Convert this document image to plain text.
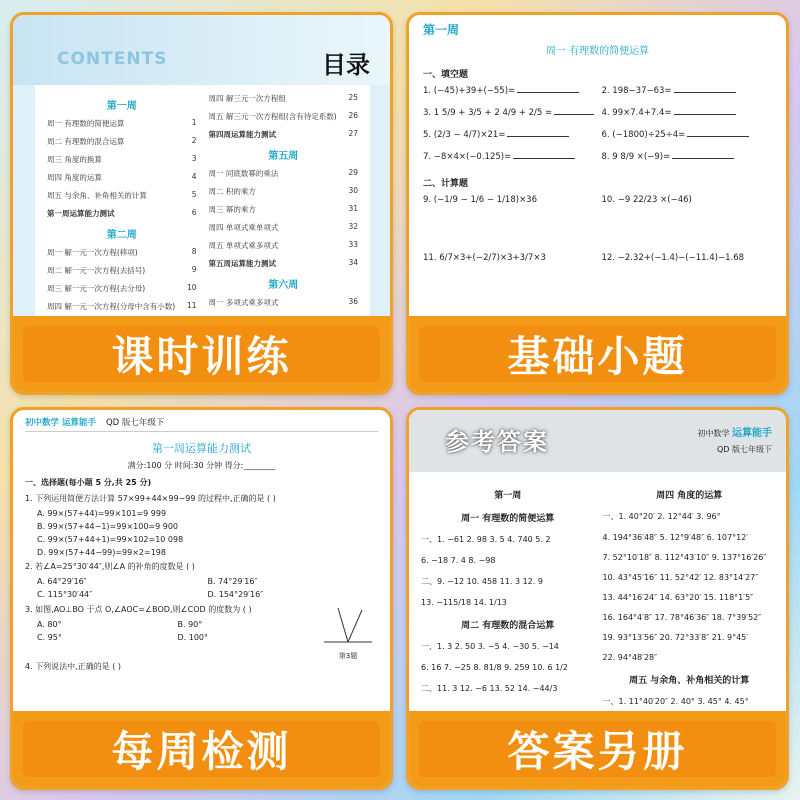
CONTENTS	目录
第一周
周一 有理数的简便运算	1
周二 有理数的混合运算	2
周三 角度的换算	3
周四 角度的运算	4
周五 与余角、补角相关的计算	5
第一周运算能力测试	6
第二周
周一 解一元一次方程(移项)	8
周二 解一元一次方程(去括号)	9
周三 解一元一次方程(去分母)	10
周四 解一元一次方程(分母中含有小数) 11
周四 解三元一次方程组	25
周五 解三元一次方程组(含有待定系数) 26
第四周运算能力测试	27
第五周
周一 同底数幂的乘法	29
周二 积的乘方	30
周三 幂的乘方	31
周四 单项式乘单项式	32
周五 单项式乘多项式	33
第五周运算能力测试	34
第六周
周一 多项式乘多项式	36
课时训练
第一周
周一 有理数的简便运算
一、填空题
1. (−45)+39+(−55)=	2. 198−37−63=
3. 1 5/9 + 3/5 + 2 4/9 + 2/5 =	4. 99×7.4+7.4=
5. (2/3 − 4/7)×21=	6. (−1800)÷25÷4=
7. −8×4×(−0.125)=	8. 9 8/9 ×(−9)=
二、计算题
9. (−1/9 − 1/6 − 1/18)×36	10. −9 22/23 ×(−46)
11. 6/7×3+(−2/7)×3+3/7×3	12. −2.32+(−1.4)−(−11.4)−1.68
基础小题
初中数学 运算能手 QD 版七年级下
第一周运算能力测试
满分:100 分 时间:30 分钟 得分:________
一、选择题(每小题 5 分,共 25 分)
1. 下列运用简便方法计算 57×99+44×99−99 的过程中,正确的是 ( )
A. 99×(57+44)=99×101=9 999
B. 99×(57+44−1)=99×100=9 900
C. 99×(57+44+1)=99×102=10 098
D. 99×(57+44−99)=99×2=198
2. 若∠A=25°30′44″,则∠A 的补角的度数是 ( )
A. 64°29′16″	B. 74°29′16″
C. 115°30′44″	D. 154°29′16″
3. 如图,AO⊥BO 于点 O,∠AOC=∠BOD,则∠COD 的度数为 ( )
A. 80°	B. 90°
C. 95°	D. 100°
第3题
4. 下列说法中,正确的是 ( )
每周检测
参考答案	初中数学 运算能手
QD 版七年级下
第一周
周一 有理数的简便运算
一、1. −61 2. 98 3. 5 4. 740 5. 2
6. −18 7. 4 8. −98
二、9. −12 10. 458 11. 3 12. 9
13. −115/18 14. 1/13
周二 有理数的混合运算
一、1. 3 2. 50 3. −5 4. −30 5. −14
6. 16 7. −25 8. 81/8 9. 259 10. 6 1/2
二、11. 3 12. −6 13. 52 14. −44/3
周四 角度的运算
一、1. 40°20′ 2. 12°44′ 3. 96°
4. 194°36′48″ 5. 12°9′48″ 6. 107°12′
7. 52°10′18″ 8. 112°43′10″ 9. 137°16′26″
10. 43°45′16″ 11. 52°42′ 12. 83°14′27″
13. 44°16′24″ 14. 63°20′ 15. 118°1′5″
16. 164°4′8″ 17. 78°46′36″ 18. 7°39′52″
19. 93°13′56″ 20. 72°33′8″ 21. 9°45′
22. 94°48′28″
周五 与余角、补角相关的计算
一、1. 11°40′20″ 2. 40° 3. 45° 4. 45°
答案另册
